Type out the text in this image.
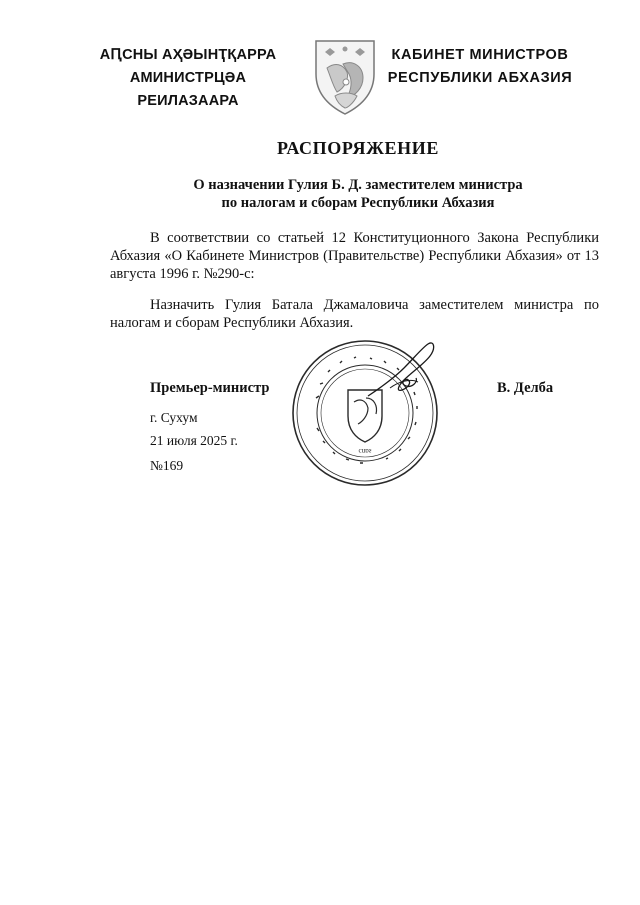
АԤСНЫ АҲӘЫНҬҚАРРА
АМИНИСТРЦӘА РЕИЛАЗААРА
КАБИНЕТ МИНИСТРОВ
РЕСПУБЛИКИ АБХАЗИЯ
РАСПОРЯЖЕНИЕ
О назначении Гулия Б. Д. заместителем министра
по налогам и сборам Республики Абхазия
В соответствии со статьей 12 Конституционного Закона Республики Абхазия «О Кабинете Министров (Правительстве) Республики Абхазия» от 13 августа 1996 г. №290-с:
Назначить Гулия Батала Джамаловича заместителем министра по налогам и сборам Республики Абхазия.
ƨɑnɔ
Премьер-министр	В. Делба
г. Сухум
21 июля 2025 г.
№169
